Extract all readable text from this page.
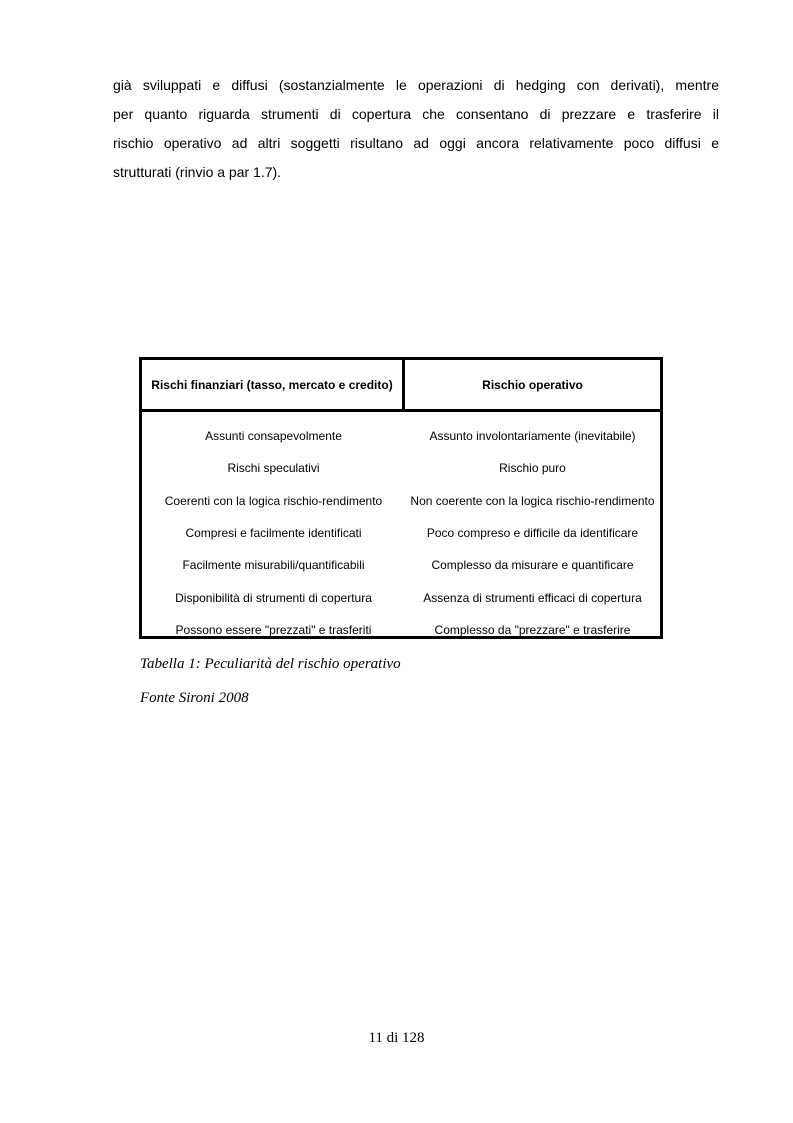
già sviluppati e diffusi (sostanzialmente le operazioni di hedging con derivati), mentre
per quanto riguarda strumenti di copertura che consentano di prezzare e trasferire il
rischio operativo ad altri soggetti risultano ad oggi ancora relativamente poco diffusi e
strutturati (rinvio a par 1.7).
Rischi finanziari (tasso, mercato e credito)	Rischio operativo
Assunti consapevolmente	Assunto involontariamente (inevitabile)
Rischi speculativi	Rischio puro
Coerenti con la logica rischio-rendimento	Non coerente con la logica rischio-rendimento
Compresi e facilmente identificati	Poco compreso e difficile da identificare
Facilmente misurabili/quantificabili	Complesso da misurare e quantificare
Disponibilità di strumenti di copertura	Assenza di strumenti efficaci di copertura
Possono essere "prezzati" e trasferiti	Complesso da "prezzare" e trasferire

Tabella 1: Peculiarità del rischio operativo

Fonte Sironi 2008

11 di 128
